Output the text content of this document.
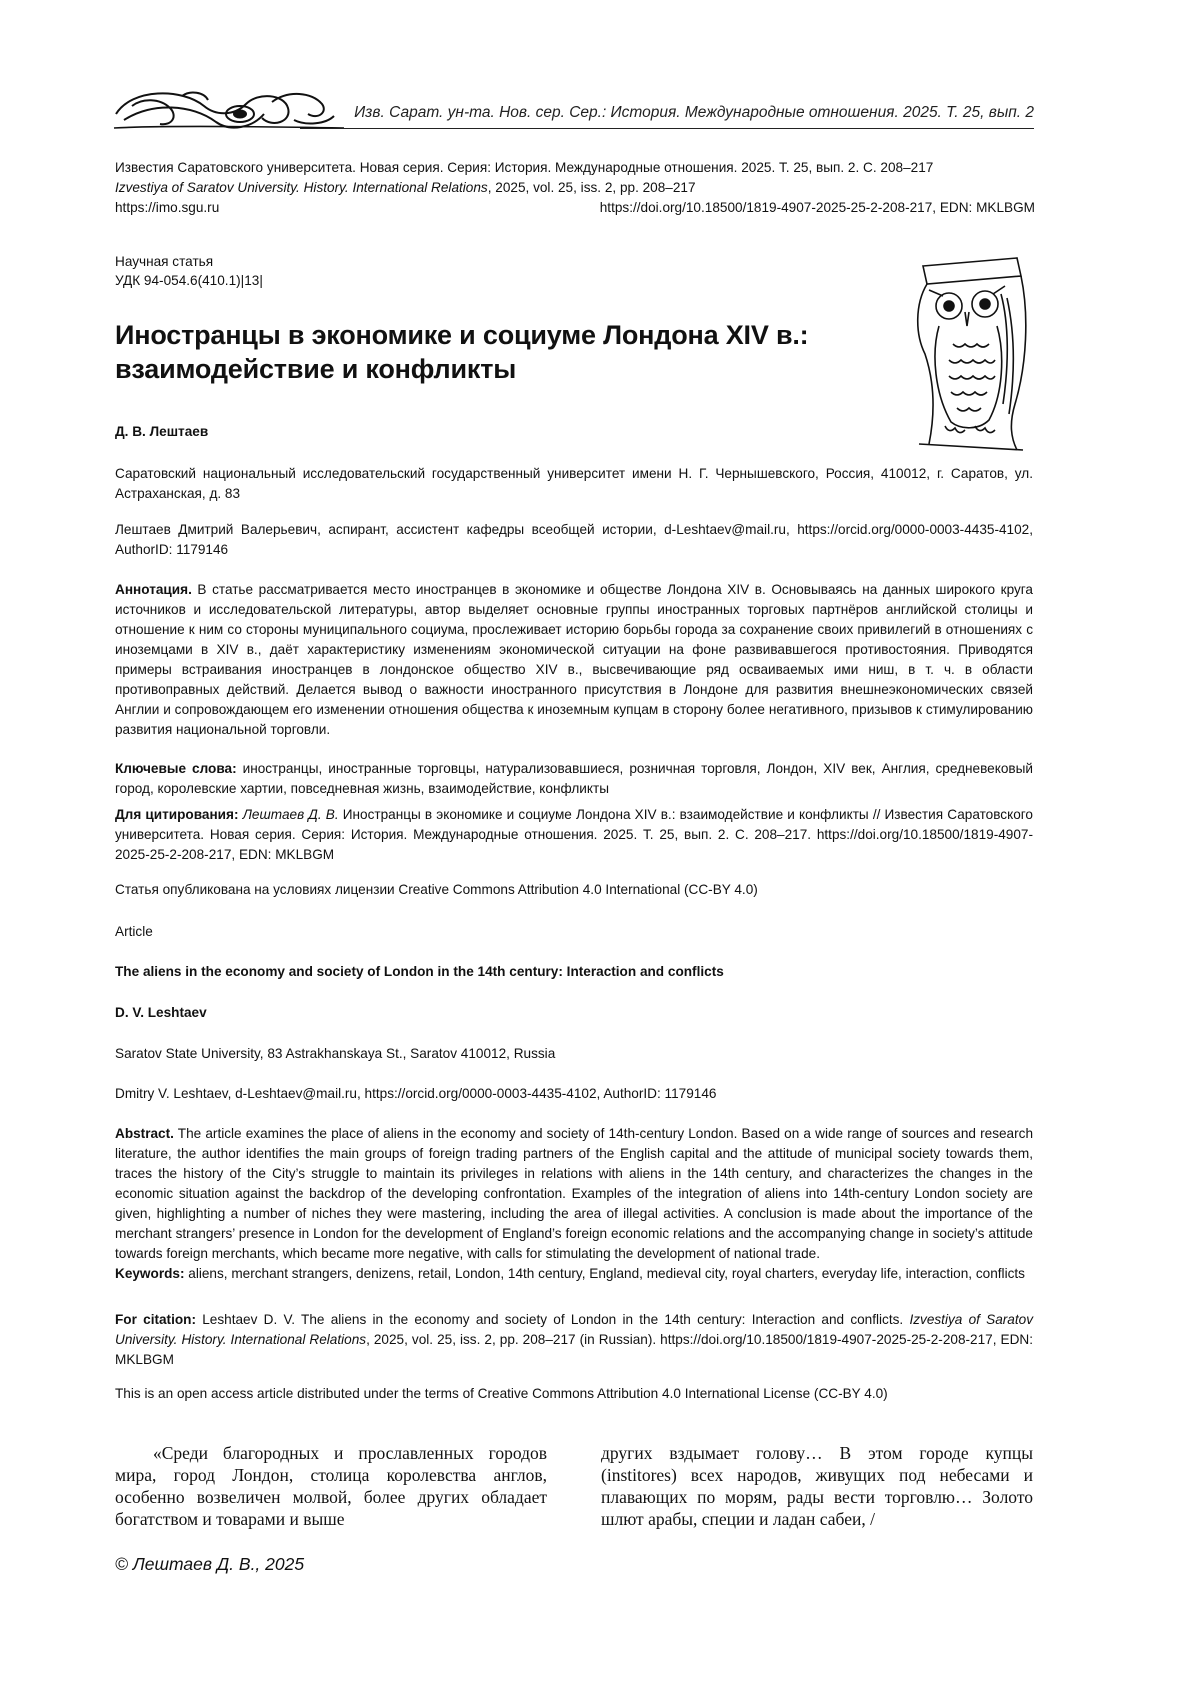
Изв. Сарат. ун-та. Нов. сер. Сер.: История. Международные отношения. 2025. Т. 25, вып. 2
Известия Саратовского университета. Новая серия. Серия: История. Международные отношения. 2025. Т. 25, вып. 2. С. 208–217
Izvestiya of Saratov University. History. International Relations, 2025, vol. 25, iss. 2, pp. 208–217
https://imo.sgu.ru	https://doi.org/10.18500/1819-4907-2025-25-2-208-217, EDN: MKLBGM
Научная статья
УДК 94-054.6(410.1)|13|
Иностранцы в экономике и социуме Лондона XIV в.: взаимодействие и конфликты
Д. В. Лештаев
Саратовский национальный исследовательский государственный университет имени Н. Г. Чернышевского, Россия, 410012, г. Саратов, ул. Астраханская, д. 83
Лештаев Дмитрий Валерьевич, аспирант, ассистент кафедры всеобщей истории, d-Leshtaev@mail.ru, https://orcid.org/0000-0003-4435-4102, AuthorID: 1179146
Аннотация. В статье рассматривается место иностранцев в экономике и обществе Лондона XIV в. Основываясь на данных широкого круга источников и исследовательской литературы, автор выделяет основные группы иностранных торговых партнёров английской столицы и отношение к ним со стороны муниципального социума, прослеживает историю борьбы города за сохранение своих привилегий в отношениях с иноземцами в XIV в., даёт характеристику изменениям экономической ситуации на фоне развивавшегося противостояния. Приводятся примеры встраивания иностранцев в лондонское общество XIV в., высвечивающие ряд осваиваемых ими ниш, в т. ч. в области противоправных действий. Делается вывод о важности иностранного присутствия в Лондоне для развития внешнеэкономических связей Англии и сопровождающем его изменении отношения общества к иноземным купцам в сторону более негативного, призывов к стимулированию развития национальной торговли.
Ключевые слова: иностранцы, иностранные торговцы, натурализовавшиеся, розничная торговля, Лондон, XIV век, Англия, средневековый город, королевские хартии, повседневная жизнь, взаимодействие, конфликты
Для цитирования: Лештаев Д. В. Иностранцы в экономике и социуме Лондона XIV в.: взаимодействие и конфликты // Известия Саратовского университета. Новая серия. Серия: История. Международные отношения. 2025. Т. 25, вып. 2. С. 208–217. https://doi.org/10.18500/1819-4907-2025-25-2-208-217, EDN: MKLBGM
Статья опубликована на условиях лицензии Creative Commons Attribution 4.0 International (CC-BY 4.0)
Article
The aliens in the economy and society of London in the 14th century: Interaction and conflicts
D. V. Leshtaev
Saratov State University, 83 Astrakhanskaya St., Saratov 410012, Russia
Dmitry V. Leshtaev, d-Leshtaev@mail.ru, https://orcid.org/0000-0003-4435-4102, AuthorID: 1179146
Abstract. The article examines the place of aliens in the economy and society of 14th-century London. Based on a wide range of sources and research literature, the author identifies the main groups of foreign trading partners of the English capital and the attitude of municipal society towards them, traces the history of the City’s struggle to maintain its privileges in relations with aliens in the 14th century, and characterizes the changes in the economic situation against the backdrop of the developing confrontation. Examples of the integration of aliens into 14th-century London society are given, highlighting a number of niches they were mastering, including the area of illegal activities. A conclusion is made about the importance of the merchant strangers’ presence in London for the development of England’s foreign economic relations and the accompanying change in society’s attitude towards foreign merchants, which became more negative, with calls for stimulating the development of national trade.
Keywords: aliens, merchant strangers, denizens, retail, London, 14th century, England, medieval city, royal charters, everyday life, interaction, conflicts
For citation: Leshtaev D. V. The aliens in the economy and society of London in the 14th century: Interaction and conflicts. Izvestiya of Saratov University. History. International Relations, 2025, vol. 25, iss. 2, pp. 208–217 (in Russian). https://doi.org/10.18500/1819-4907-2025-25-2-208-217, EDN: MKLBGM
This is an open access article distributed under the terms of Creative Commons Attribution 4.0 International License (CC-BY 4.0)
«Среди благородных и прославленных городов мира, город Лондон, столица королевства англов, особенно возвеличен молвой, более других обладает богатством и товарами и выше
других вздымает голову… В этом городе купцы (institores) всех народов, живущих под небесами и плавающих по морям, рады вести торговлю… Золото шлют арабы, специи и ладан сабеи, /
© Лештаев Д. В., 2025
